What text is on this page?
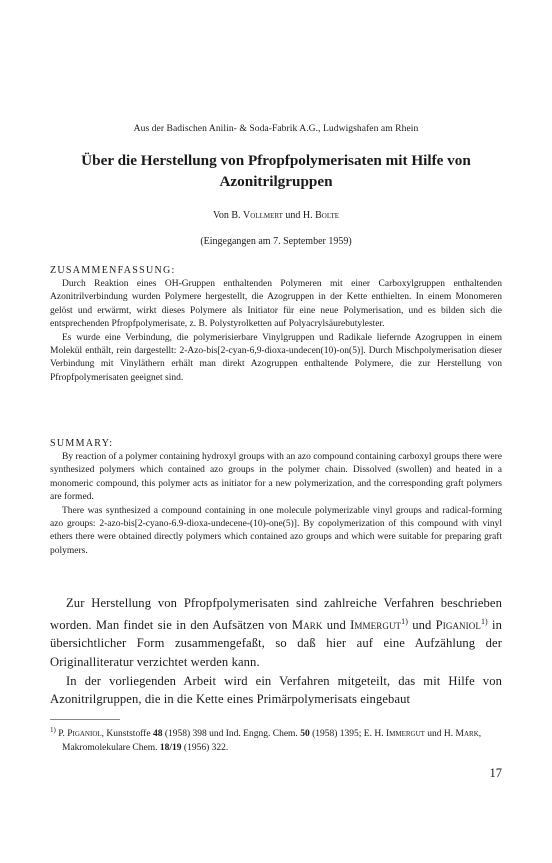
Aus der Badischen Anilin- & Soda-Fabrik A.G., Ludwigshafen am Rhein
Über die Herstellung von Pfropfpolymerisaten mit Hilfe von
Azonitrilgruppen
Von B. Vollmert und H. Bolte
(Eingegangen am 7. September 1959)
ZUSAMMENFASSUNG:

Durch Reaktion eines OH-Gruppen enthaltenden Polymeren mit einer Carboxylgruppen enthaltenden Azonitrilverbindung wurden Polymere hergestellt, die Azogruppen in der Kette enthielten. In einem Monomeren gelöst und erwärmt, wirkt dieses Polymere als Initiator für eine neue Polymerisation, und es bilden sich die entsprechenden Pfropfpolymerisate, z. B. Polystyrolketten auf Polyacrylsäurebutylester.

Es wurde eine Verbindung, die polymerisierbare Vinylgruppen und Radikale liefernde Azogruppen in einem Molekül enthält, rein dargestellt: 2-Azo-bis[2-cyan-6,9-dioxa-undecen(10)-on(5)]. Durch Mischpolymerisation dieser Verbindung mit Vinyläthern erhält man direkt Azogruppen enthaltende Polymere, die zur Herstellung von Pfropfpolymerisaten geeignet sind.

SUMMARY:

By reaction of a polymer containing hydroxyl groups with an azo compound containing carboxyl groups there were synthesized polymers which contained azo groups in the polymer chain. Dissolved (swollen) and heated in a monomeric compound, this polymer acts as initiator for a new polymerization, and the corresponding graft polymers are formed.

There was synthesized a compound containing in one molecule polymerizable vinyl groups and radical-forming azo groups: 2-azo-bis[2-cyano-6.9-dioxa-undecene-(10)-one(5)]. By copolymerization of this compound with vinyl ethers there were obtained directly polymers which contained azo groups and which were suitable for preparing graft polymers.

Zur Herstellung von Pfropfpolymerisaten sind zahlreiche Verfahren beschrieben worden. Man findet sie in den Aufsätzen von Mark und Immergut$^{1)}$ und Piganiol$^{1)}$ in übersichtlicher Form zusammengefaßt, so daß hier auf eine Aufzählung der Originalliteratur verzichtet werden kann.

In der vorliegenden Arbeit wird ein Verfahren mitgeteilt, das mit Hilfe von Azonitrilgruppen, die in die Kette eines Primärpolymerisats eingebaut

$^{1)}$ P. Piganiol, Kunststoffe 48 (1958) 398 und Ind. Engng. Chem. 50 (1958) 1395; E. H. Immergut und H. Mark, Makromolekulare Chem. 18/19 (1956) 322.
17
